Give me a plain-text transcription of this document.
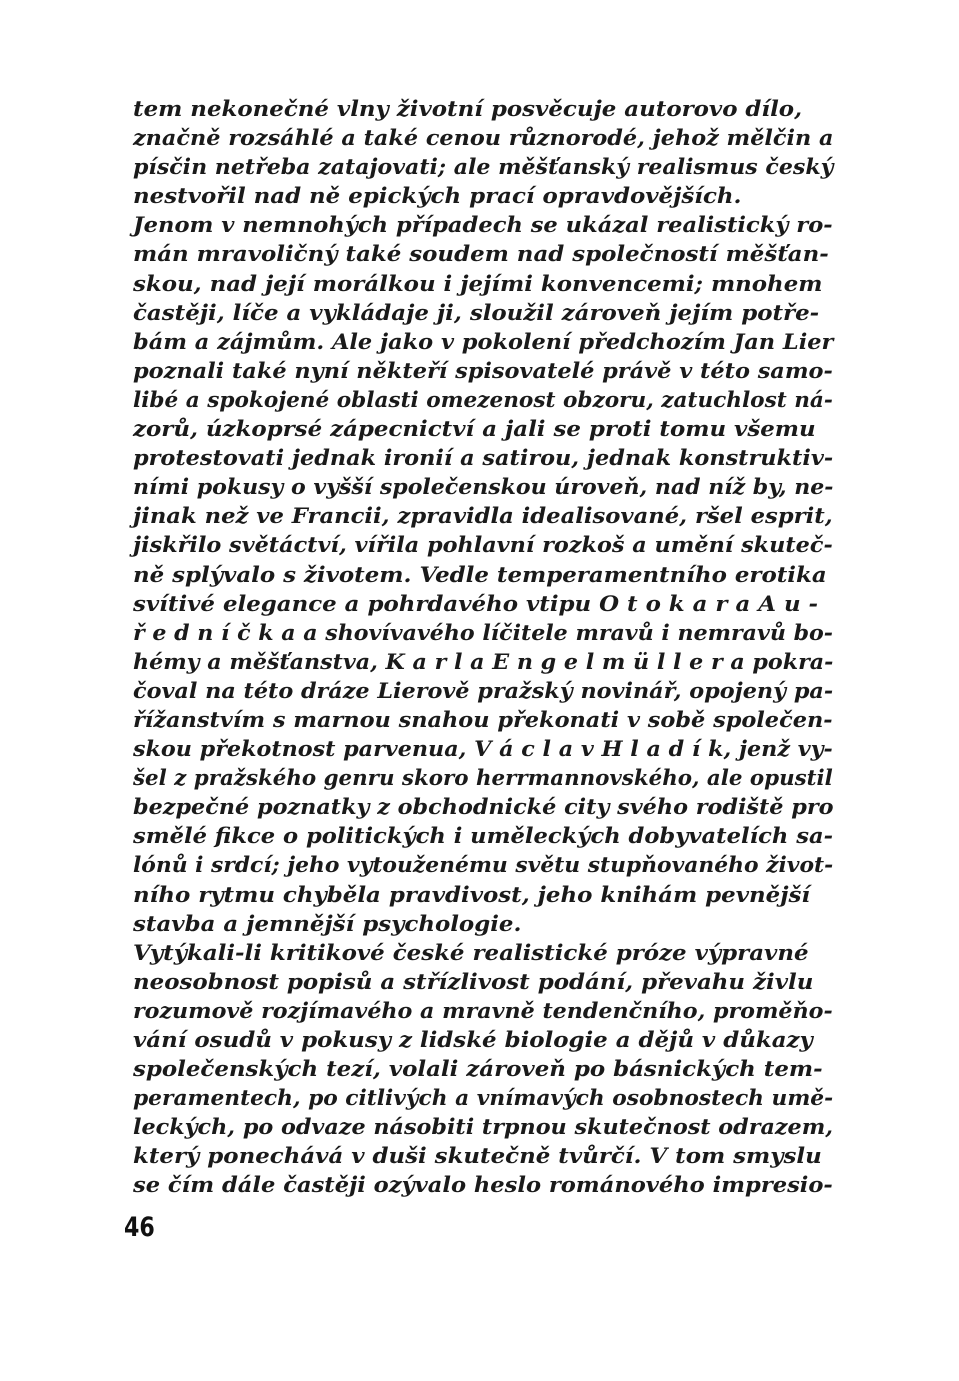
tem nekonečné vlny životní posvěcuje autorovo dílo,
značně rozsáhlé a také cenou různorodé, jehož mělčin a
písčin netřeba zatajovati; ale měšťanský realismus český
nestvořil nad ně epických prací opravdovějších.
Jenom v nemnohých případech se ukázal realistický ro-
mán mravoličný také soudem nad společností měšťan-
skou, nad její morálkou i jejími konvencemi; mnohem
častěji, líče a vykládaje ji, sloužil zároveň jejím potře-
bám a zájmům. Ale jako v pokolení předchozím Jan Lier
poznali také nyní někteří spisovatelé právě v této samo-
libé a spokojené oblasti omezenost obzoru, zatuchlost ná-
zorů, úzkoprsé zápecnictví a jali se proti tomu všemu
protestovati jednak ironií a satirou, jednak konstruktiv-
ními pokusy o vyšší společenskou úroveň, nad níž by, ne-
jinak než ve Francii, zpravidla idealisované, ršel esprit,
jiskřilo světáctví, vířila pohlavní rozkoš a umění skuteč-
ně splývalo s životem. Vedle temperamentního erotika
svítivé elegance a pohrdavého vtipu O t o k a r a A u -
ř e d n í č k a a shovívavého líčitele mravů i nemravů bo-
hémy a měšťanstva, K a r l a E n g e l m ü l l e r a pokra-
čoval na této dráze Lierově pražský novinář, opojený pa-
řížanstvím s marnou snahou překonati v sobě společen-
skou překotnost parvenua, V á c l a v H l a d í k, jenž vy-
šel z pražského genru skoro herrmannovského, ale opustil
bezpečné poznatky z obchodnické city svého rodiště pro
smělé fikce o politických i uměleckých dobyvatelích sa-
lónů i srdcí; jeho vytouženému světu stupňovaného život-
ního rytmu chyběla pravdivost, jeho knihám pevnější
stavba a jemnější psychologie.
Vytýkali-li kritikové české realistické próze výpravné
neosobnost popisů a střízlivost podání, převahu živlu
rozumově rozjímavého a mravně tendenčního, proměňo-
vání osudů v pokusy z lidské biologie a dějů v důkazy
společenských tezí, volali zároveň po básnických tem-
peramentech, po citlivých a vnímavých osobnostech umě-
leckých, po odvaze násobiti trpnou skutečnost odrazem,
který ponechává v duši skutečně tvůrčí. V tom smyslu
se čím dále častěji ozývalo heslo románového impresio-
46
